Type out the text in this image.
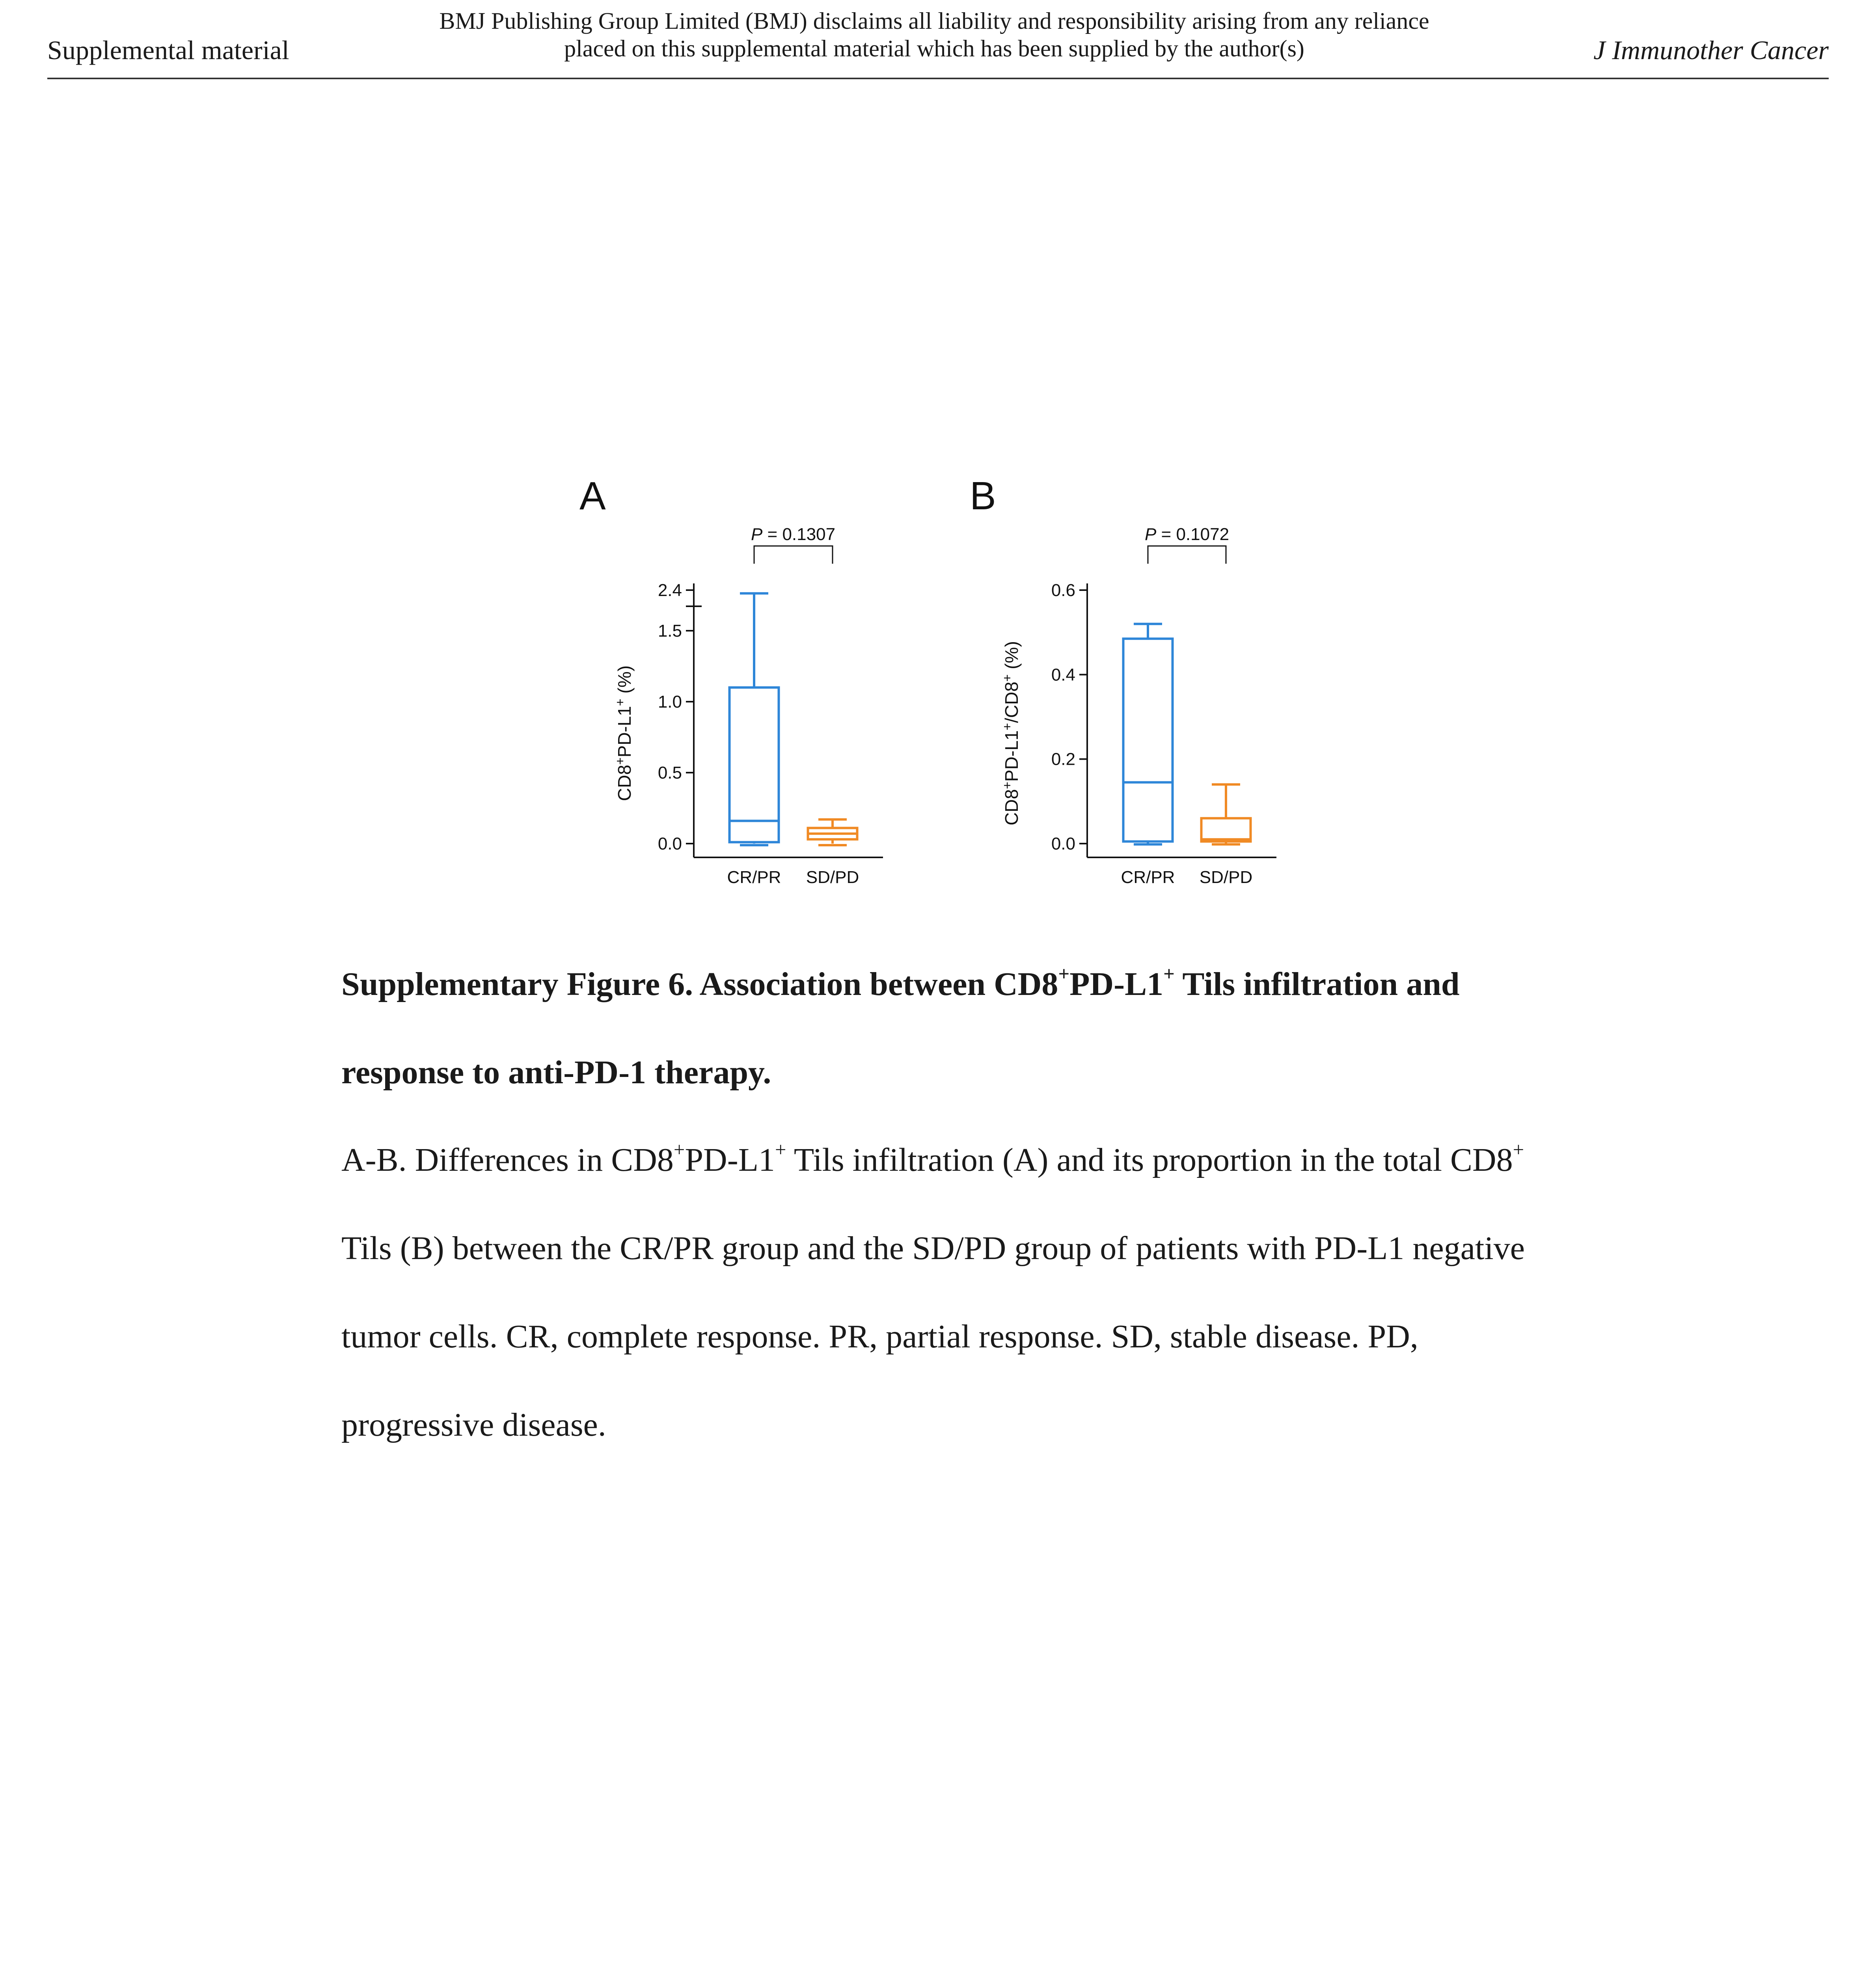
Supplemental material
BMJ Publishing Group Limited (BMJ) disclaims all liability and responsibility arising from any reliance
placed on this supplemental material which has been supplied by the author(s)	J Immunother Cancer
A
CD8+PD-L1+ (%)
0.0
0.5
1.0
1.5
2.4
CR/PR SD/PD
P = 0.1307
B
CD8+PD-L1+/CD8+ (%)
0.0
0.2
0.4
0.6
CR/PR SD/PD
P = 0.1072
Supplementary Figure 6. Association between CD8+PD-L1+ Tils infiltration and response to anti-PD-1 therapy.

A-B. Differences in CD8+PD-L1+ Tils infiltration (A) and its proportion in the total CD8+ Tils (B) between the CR/PR group and the SD/PD group of patients with PD-L1 negative tumor cells. CR, complete response. PR, partial response. SD, stable disease. PD, progressive disease.
